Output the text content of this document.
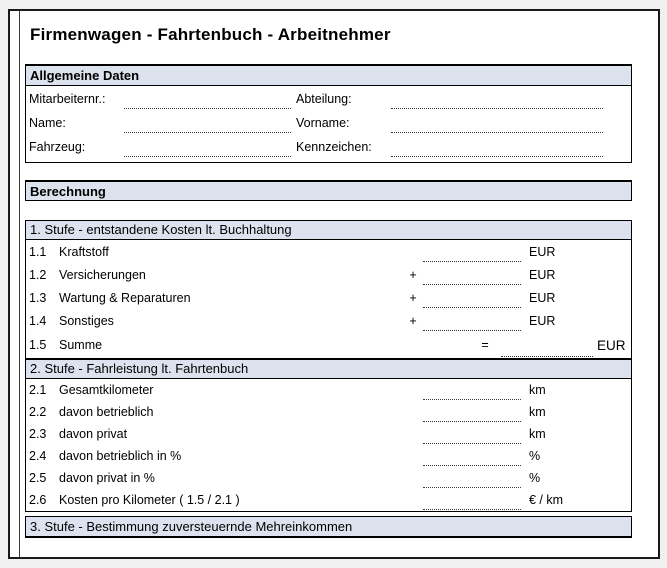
Firmenwagen - Fahrtenbuch - Arbeitnehmer
Allgemeine Daten
Mitarbeiternr.:	Abteilung:
Name:	Vorname:
Fahrzeug:	Kennzeichen:
Berechnung
1. Stufe - entstandene Kosten lt. Buchhaltung
1.1	Kraftstoff	EUR
1.2	Versicherungen	+	EUR
1.3	Wartung & Reparaturen	+	EUR
1.4	Sonstiges	+	EUR
1.5	Summe	=	EUR
2. Stufe - Fahrleistung lt. Fahrtenbuch
2.1	Gesamtkilometer	km
2.2	davon betrieblich	km
2.3	davon privat	km
2.4	davon betrieblich in %	%
2.5	davon privat in %	%
2.6	Kosten pro Kilometer ( 1.5 / 2.1 )	€ / km
3. Stufe - Bestimmung zuversteuernde Mehreinkommen
